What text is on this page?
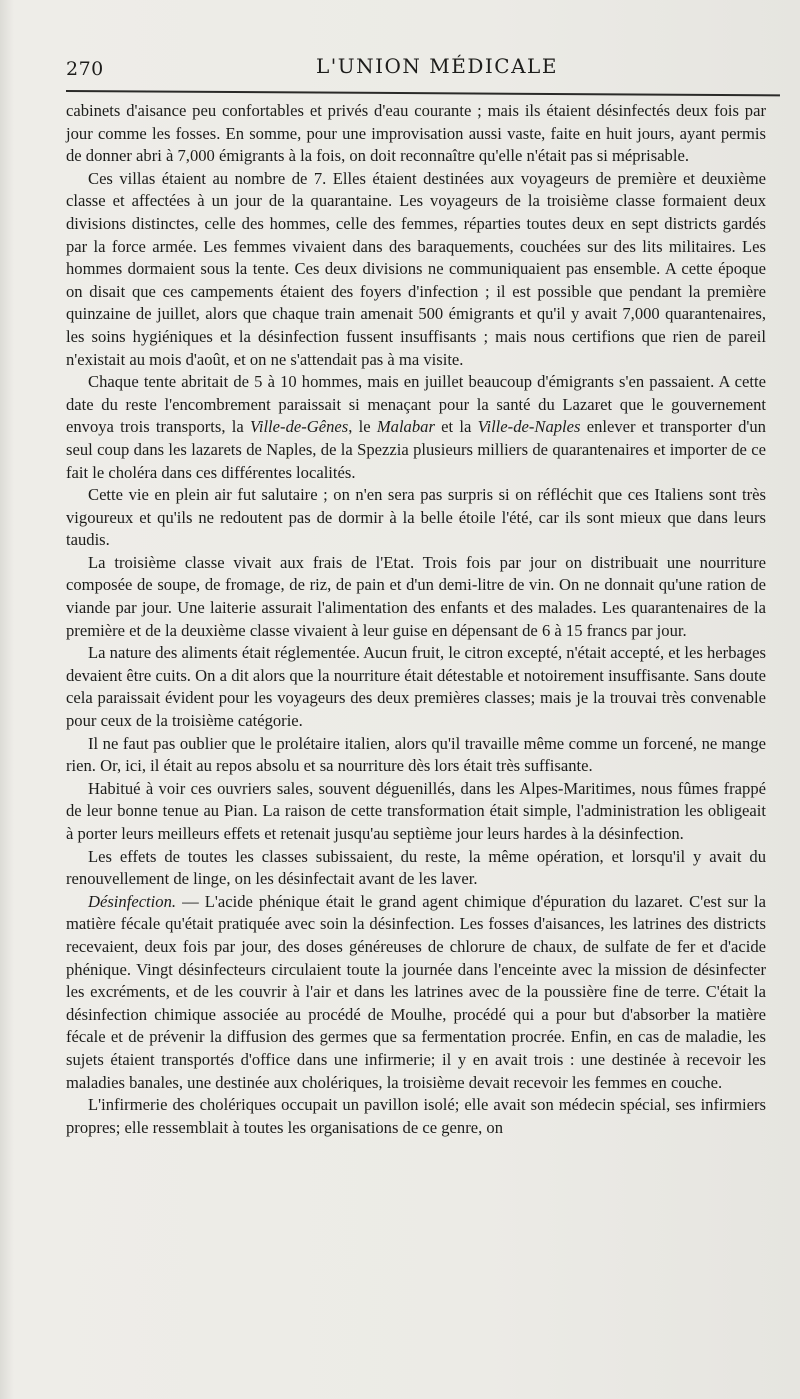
270	L'UNION MÉDICALE

cabinets d'aisance peu confortables et privés d'eau courante ; mais ils étaient désinfectés deux fois par jour comme les fosses. En somme, pour une improvisation aussi vaste, faite en huit jours, ayant permis de donner abri à 7,000 émigrants à la fois, on doit reconnaître qu'elle n'était pas si méprisable.

Ces villas étaient au nombre de 7. Elles étaient destinées aux voyageurs de première et deuxième classe et affectées à un jour de la quarantaine. Les voyageurs de la troisième classe formaient deux divisions distinctes, celle des hommes, celle des femmes, réparties toutes deux en sept districts gardés par la force armée. Les femmes vivaient dans des baraquements, couchées sur des lits militaires. Les hommes dormaient sous la tente. Ces deux divisions ne communiquaient pas ensemble. A cette époque on disait que ces campements étaient des foyers d'infection ; il est possible que pendant la première quinzaine de juillet, alors que chaque train amenait 500 émigrants et qu'il y avait 7,000 quarantenaires, les soins hygiéniques et la désinfection fussent insuffisants ; mais nous certifions que rien de pareil n'existait au mois d'août, et on ne s'attendait pas à ma visite.

Chaque tente abritait de 5 à 10 hommes, mais en juillet beaucoup d'émigrants s'en passaient. A cette date du reste l'encombrement paraissait si menaçant pour la santé du Lazaret que le gouvernement envoya trois transports, la Ville-de-Gênes, le Malabar et la Ville-de-Naples enlever et transporter d'un seul coup dans les lazarets de Naples, de la Spezzia plusieurs milliers de quarantenaires et importer de ce fait le choléra dans ces différentes localités.

Cette vie en plein air fut salutaire ; on n'en sera pas surpris si on réfléchit que ces Italiens sont très vigoureux et qu'ils ne redoutent pas de dormir à la belle étoile l'été, car ils sont mieux que dans leurs taudis.

La troisième classe vivait aux frais de l'Etat. Trois fois par jour on distribuait une nourriture composée de soupe, de fromage, de riz, de pain et d'un demi-litre de vin. On ne donnait qu'une ration de viande par jour. Une laiterie assurait l'alimentation des enfants et des malades. Les quarantenaires de la première et de la deuxième classe vivaient à leur guise en dépensant de 6 à 15 francs par jour.

La nature des aliments était réglementée. Aucun fruit, le citron excepté, n'était accepté, et les herbages devaient être cuits. On a dit alors que la nourriture était détestable et notoirement insuffisante. Sans doute cela paraissait évident pour les voyageurs des deux premières classes; mais je la trouvai très convenable pour ceux de la troisième catégorie.

Il ne faut pas oublier que le prolétaire italien, alors qu'il travaille même comme un forcené, ne mange rien. Or, ici, il était au repos absolu et sa nourriture dès lors était très suffisante.

Habitué à voir ces ouvriers sales, souvent déguenillés, dans les Alpes-Maritimes, nous fûmes frappé de leur bonne tenue au Pian. La raison de cette transformation était simple, l'administration les obligeait à porter leurs meilleurs effets et retenait jusqu'au septième jour leurs hardes à la désinfection.

Les effets de toutes les classes subissaient, du reste, la même opération, et lorsqu'il y avait du renouvellement de linge, on les désinfectait avant de les laver.

Désinfection. — L'acide phénique était le grand agent chimique d'épuration du lazaret. C'est sur la matière fécale qu'était pratiquée avec soin la désinfection. Les fosses d'aisances, les latrines des districts recevaient, deux fois par jour, des doses généreuses de chlorure de chaux, de sulfate de fer et d'acide phénique. Vingt désinfecteurs circulaient toute la journée dans l'enceinte avec la mission de désinfecter les excréments, et de les couvrir à l'air et dans les latrines avec de la poussière fine de terre. C'était la désinfection chimique associée au procédé de Moulhe, procédé qui a pour but d'absorber la matière fécale et de prévenir la diffusion des germes que sa fermentation procrée. Enfin, en cas de maladie, les sujets étaient transportés d'office dans une infirmerie; il y en avait trois : une destinée à recevoir les maladies banales, une destinée aux cholériques, la troisième devait recevoir les femmes en couche.

L'infirmerie des cholériques occupait un pavillon isolé; elle avait son médecin spécial, ses infirmiers propres; elle ressemblait à toutes les organisations de ce genre, on
